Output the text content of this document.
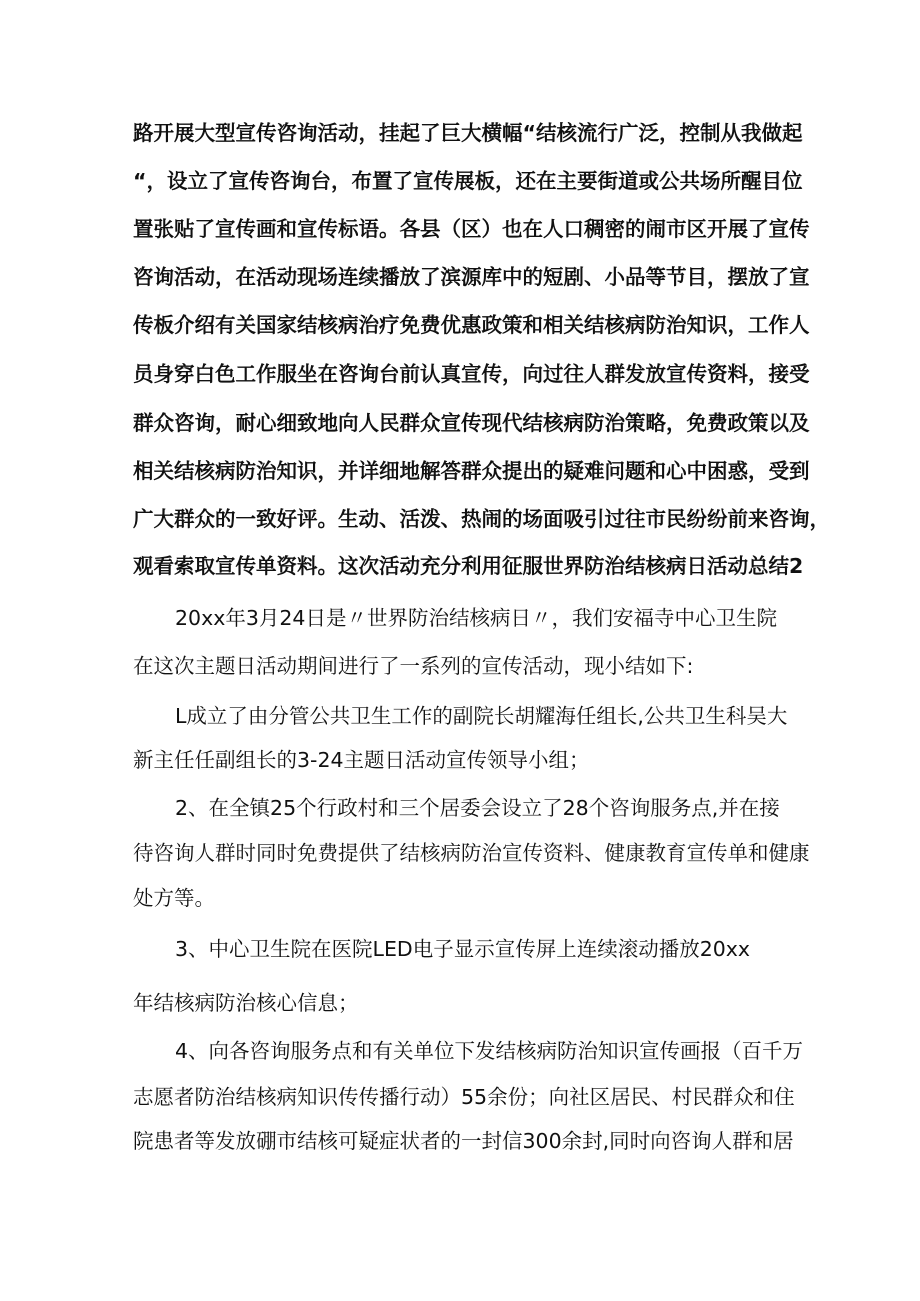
路开展大型宣传咨询活动，挂起了巨大横幅“结核流行广泛，控制从我做起
“，设立了宣传咨询台，布置了宣传展板，还在主要街道或公共场所醒目位
置张贴了宣传画和宣传标语。各县（区）也在人口稠密的闹市区开展了宣传
咨询活动，在活动现场连续播放了滨源库中的短剧、小品等节目，摆放了宣
传板介绍有关国家结核病治疗免费优惠政策和相关结核病防治知识，工作人
员身穿白色工作服坐在咨询台前认真宣传，向过往人群发放宣传资料，接受
群众咨询，耐心细致地向人民群众宣传现代结核病防治策略，免费政策以及
相关结核病防治知识，并详细地解答群众提出的疑难问题和心中困惑，受到
广大群众的一致好评。生动、活泼、热闹的场面吸引过往市民纷纷前来咨询，
观看索取宣传单资料。这次活动充分利用征服世界防治结核病日活动总结2
20xx年3月24日是〃世界防治结核病日〃，我们安福寺中心卫生院
在这次主题日活动期间进行了一系列的宣传活动，现小结如下:
L成立了由分管公共卫生工作的副院长胡耀海任组长,公共卫生科吴大
新主任任副组长的3-24主题日活动宣传领导小组；
2、在全镇25个行政村和三个居委会设立了28个咨询服务点,并在接
待咨询人群时同时免费提供了结核病防治宣传资料、健康教育宣传单和健康
处方等。
3、中心卫生院在医院LED电子显示宣传屏上连续滚动播放20xx
年结核病防治核心信息；
4、向各咨询服务点和有关单位下发结核病防治知识宣传画报（百千万
志愿者防治结核病知识传传播行动）55余份；向社区居民、村民群众和住
院患者等发放硼市结核可疑症状者的一封信300余封,同时向咨询人群和居
